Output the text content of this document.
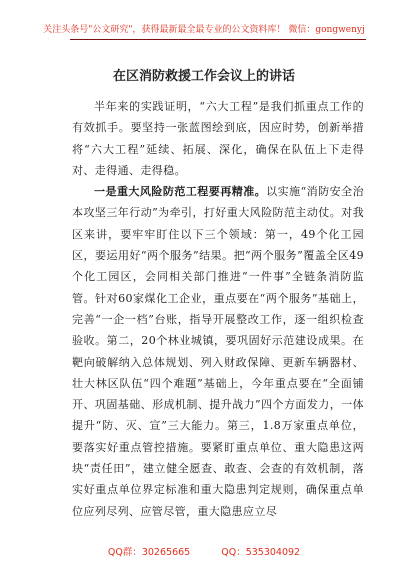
关注头条号"公文研究"，获得最新最全最专业的公文资料库！ 微信：gongwenyj
在区消防救援工作会议上的讲话

半年来的实践证明，“六大工程”是我们抓重点工作的有效抓手。要坚持一张蓝图绘到底，因应时势，创新举措将“六大工程”延续、拓展、深化，确保在队伍上下走得对、走得通、走得稳。

一是重大风险防范工程要再精准。以实施“消防安全治本攻坚三年行动”为牵引，打好重大风险防范主动仗。对我区来讲，要牢牢盯住以下三个领域：第一，49个化工园区，要运用好“两个服务”结果。把“两个服务”覆盖全区49个化工园区，会同相关部门推进“一件事”全链条消防监管。针对60家煤化工企业，重点要在“两个服务”基础上，完善“一企一档”台账，指导开展整改工作，逐一组织检查验收。第二，20个林业城镇，要巩固好示范建设成果。在靶向破解纳入总体规划、列入财政保障、更新车辆器材、壮大林区队伍“四个难题”基础上，今年重点要在“全面铺开、巩固基础、形成机制、提升战力”四个方面发力，一体提升“防、灭、宣”三大能力。第三，1.8万家重点单位，要落实好重点管控措施。要紧盯重点单位、重大隐患这两块“责任田”，建立健全愿查、敢查、会查的有效机制，落实好重点单位界定标准和重大隐患判定规则，确保重点单位应列尽列、应管尽管，重大隐患应立尽

QQ群：30265665	QQ：535304092
